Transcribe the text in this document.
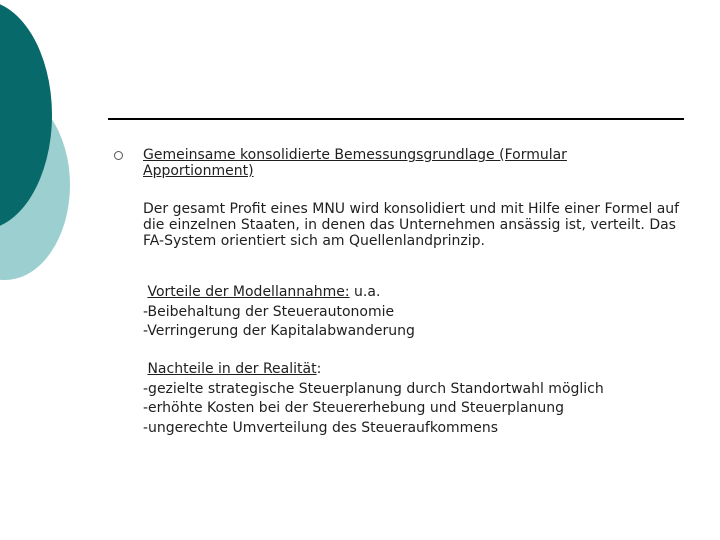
Gemeinsame konsolidierte Bemessungsgrundlage (Formular Apportionment)
Der gesamt Profit eines MNU wird konsolidiert und mit Hilfe einer Formel auf die einzelnen Staaten, in denen das Unternehmen ansässig ist, verteilt. Das FA-System orientiert sich am Quellenlandprinzip.
Vorteile der Modellannahme: u.a.
-Beibehaltung der Steuerautonomie
-Verringerung der Kapitalabwanderung
Nachteile in der Realität:
-gezielte strategische Steuerplanung durch Standortwahl möglich
-erhöhte Kosten bei der Steuererhebung und Steuerplanung
-ungerechte Umverteilung des Steueraufkommens
